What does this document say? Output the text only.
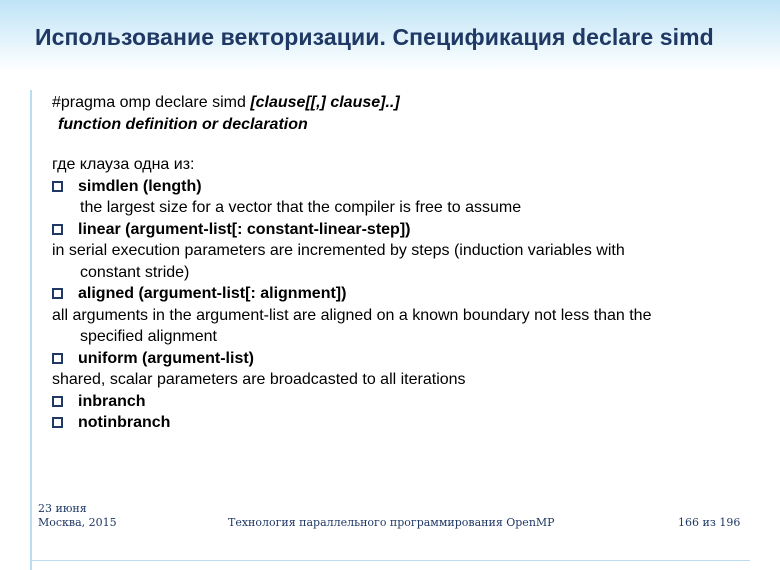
Использование векторизации. Спецификация declare simd
#pragma omp declare simd [clause[[,] clause]..]
function definition or declaration
где клауза одна из:
simdlen (length)
the largest size for a vector that the compiler is free to assume
linear (argument-list[: constant-linear-step])
in serial execution parameters are incremented by steps (induction variables with
constant stride)
aligned (argument-list[: alignment])
all arguments in the argument-list are aligned on a known boundary not less than the
specified alignment
uniform (argument-list)
shared, scalar parameters are broadcasted to all iterations
inbranch
notinbranch
23 июня
Москва, 2015	Технология параллельного программирования OpenMP	166 из 196
